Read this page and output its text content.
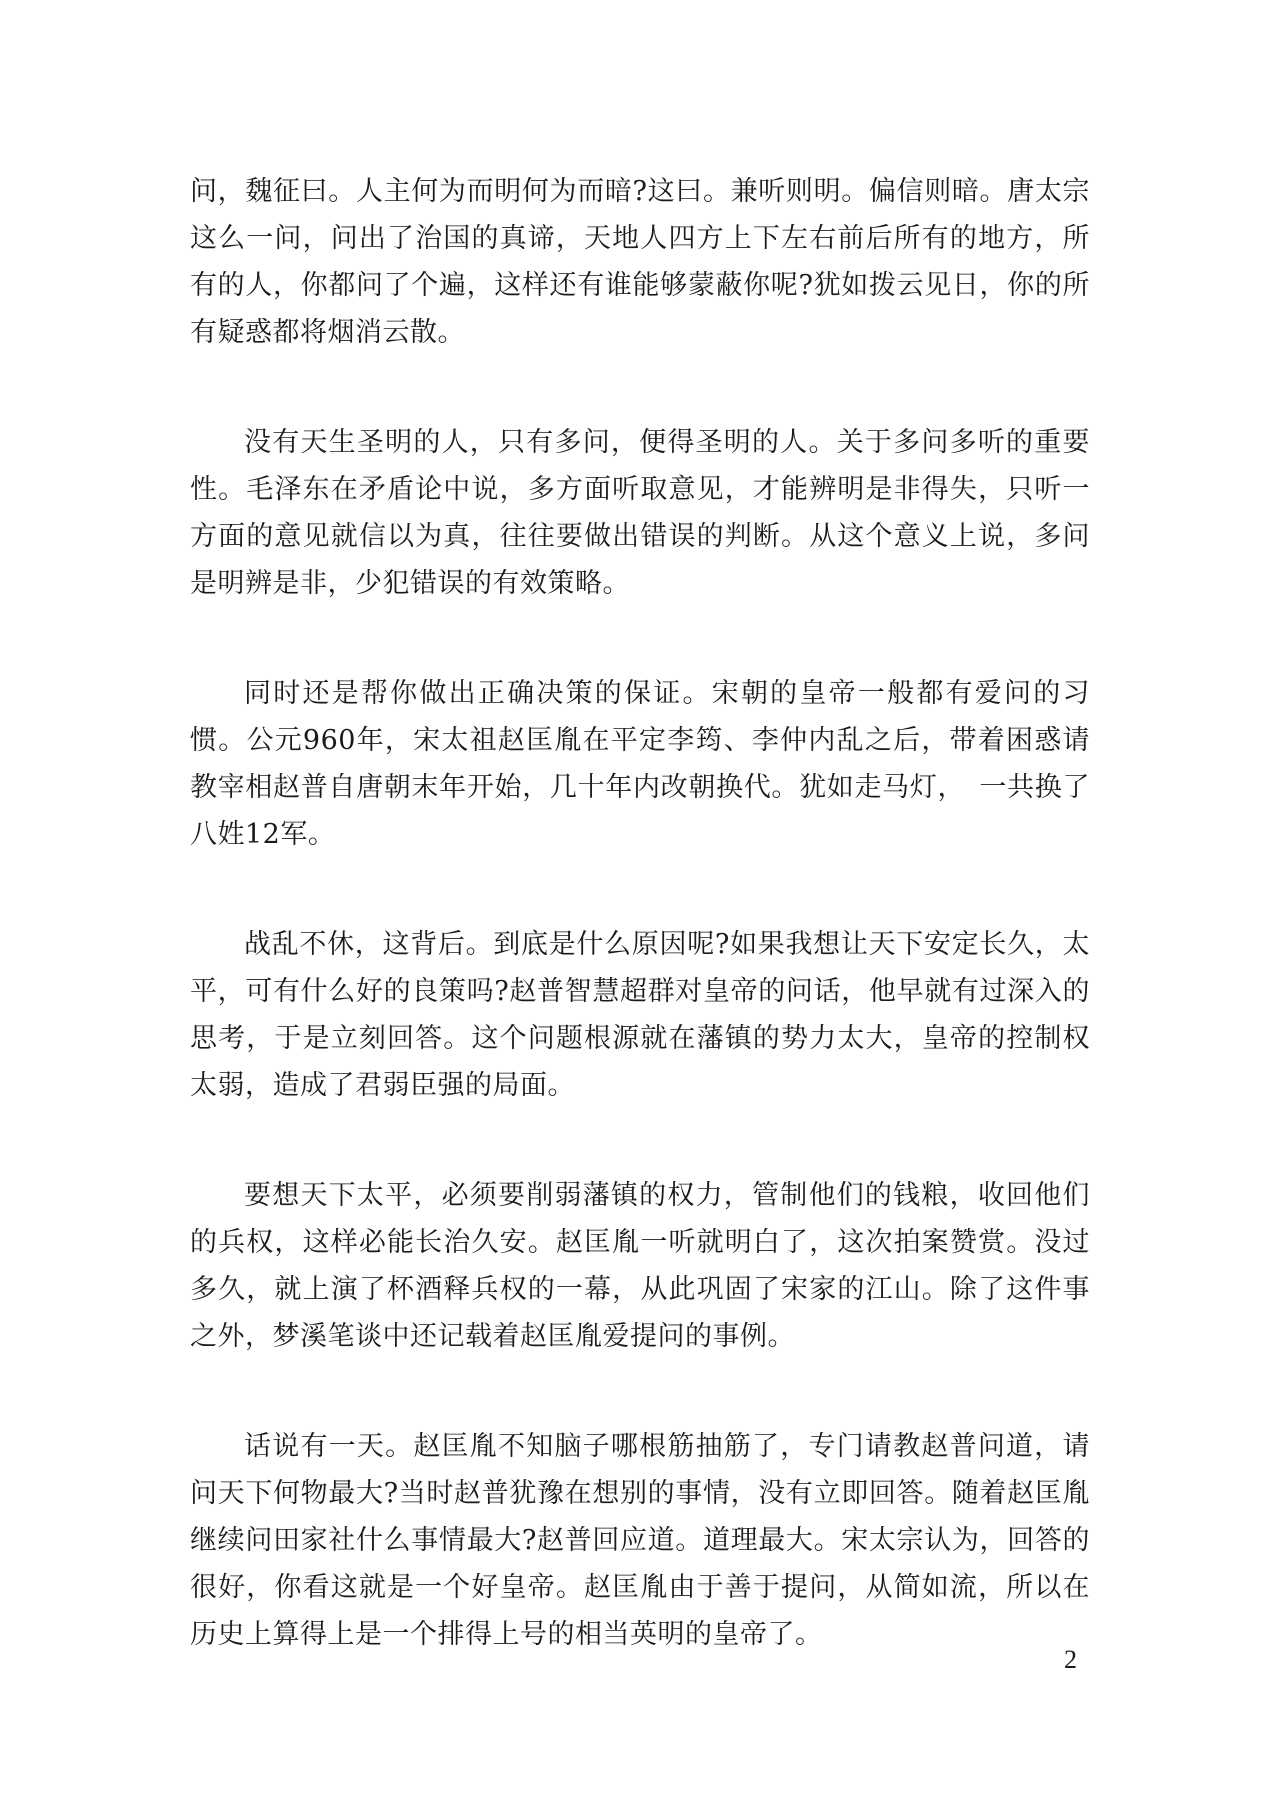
问，魏征曰。人主何为而明何为而暗?这曰。兼听则明。偏信则暗。唐太宗这么一问，问出了治国的真谛，天地人四方上下左右前后所有的地方，所有的人，你都问了个遍，这样还有谁能够蒙蔽你呢?犹如拨云见日，你的所有疑惑都将烟消云散。

没有天生圣明的人，只有多问，便得圣明的人。关于多问多听的重要性。毛泽东在矛盾论中说，多方面听取意见，才能辨明是非得失，只听一方面的意见就信以为真，往往要做出错误的判断。从这个意义上说，多问是明辨是非，少犯错误的有效策略。

同时还是帮你做出正确决策的保证。宋朝的皇帝一般都有爱问的习惯。公元960年，宋太祖赵匡胤在平定李筠、李仲内乱之后，带着困惑请教宰相赵普自唐朝末年开始，几十年内改朝换代。犹如走马灯，　一共换了八姓12军。

战乱不休，这背后。到底是什么原因呢?如果我想让天下安定长久，太平，可有什么好的良策吗?赵普智慧超群对皇帝的问话，他早就有过深入的思考，于是立刻回答。这个问题根源就在藩镇的势力太大，皇帝的控制权太弱，造成了君弱臣强的局面。

要想天下太平，必须要削弱藩镇的权力，管制他们的钱粮，收回他们的兵权，这样必能长治久安。赵匡胤一听就明白了，这次拍案赞赏。没过多久，就上演了杯酒释兵权的一幕，从此巩固了宋家的江山。除了这件事之外，梦溪笔谈中还记载着赵匡胤爱提问的事例。

话说有一天。赵匡胤不知脑子哪根筋抽筋了，专门请教赵普问道，请问天下何物最大?当时赵普犹豫在想别的事情，没有立即回答。随着赵匡胤继续问田家社什么事情最大?赵普回应道。道理最大。宋太宗认为，回答的很好，你看这就是一个好皇帝。赵匡胤由于善于提问，从简如流，所以在历史上算得上是一个排得上号的相当英明的皇帝了。

2
